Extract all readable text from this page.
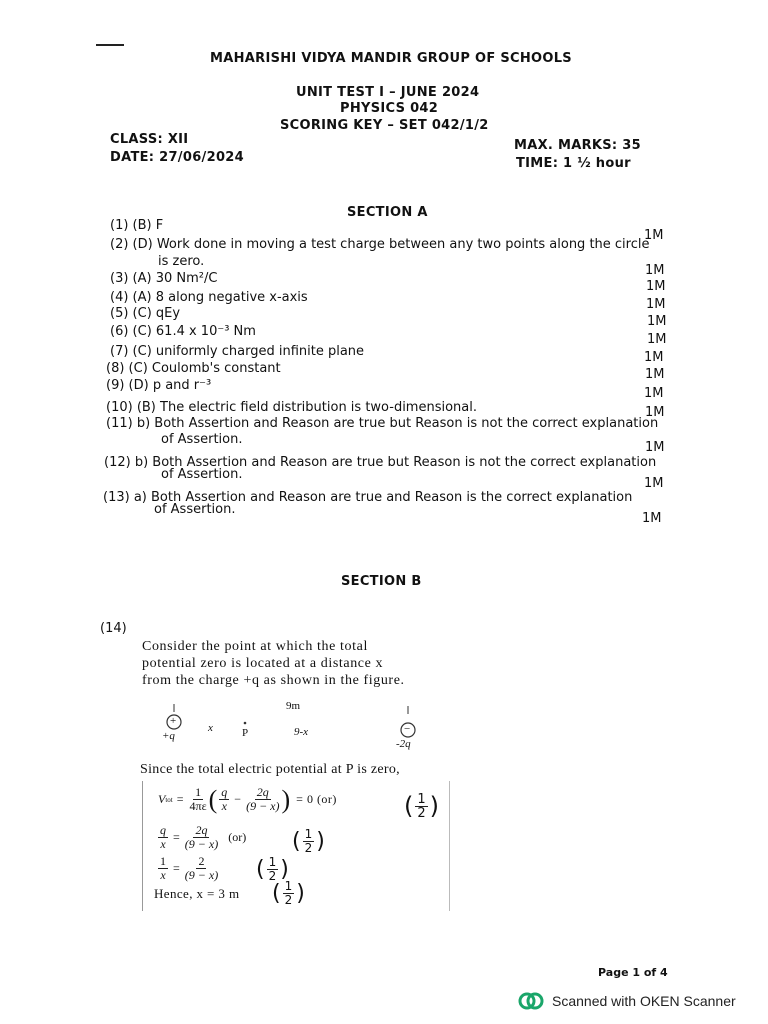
MAHARISHI VIDYA MANDIR GROUP OF SCHOOLS
UNIT TEST I – JUNE 2024
PHYSICS 042
SCORING KEY – SET 042/1/2
CLASS: XII
DATE: 27/06/2024
MAX. MARKS: 35
TIME: 1 ½ hour
SECTION A
(1) (B) F
1M
(2) (D) Work done in moving a test charge between any two points along the circle
is zero.
1M
(3) (A) 30 Nm²/C
1M
(4) (A) 8 along negative x-axis	1M
(5) (C) qEy
1M
(6) (C) 61.4 x 10⁻³ Nm
1M
(7) (C) uniformly charged infinite plane	1M
(8) (C) Coulomb's constant	1M
(9) (D) p and r⁻³
1M
(10) (B) The electric field distribution is two-dimensional.	1M
(11) b) Both Assertion and Reason are true but Reason is not the correct explanation
of Assertion.
1M
(12) b) Both Assertion and Reason are true but Reason is not the correct explanation
of Assertion.
1M
(13) a) Both Assertion and Reason are true and Reason is the correct explanation
of Assertion.
1M
SECTION B
(14)
Consider the point at which the total
potential zero is located at a distance x
from the charge +q as shown in the figure.
9m
+
−
+q
x	P	9-x
-2q
Since the total electric potential at P is zero,
V tot = $\frac{1}{4\pi\varepsilon}$ ( $\frac{q}{x} - \frac{2q}{(9 - x)}$ ) = 0 (or)	( $\frac{1}{2}$ )
$\frac{q}{x} = \frac{2q}{(9 - x)} (or)$ ( $\frac{1}{2}$ )
$\frac{1}{x} = \frac{2}{(9 - x)}$ ( $\frac{1}{2}$ )
Hence, x = 3 m ( $\frac{1}{2}$ )
Page 1 of 4
Scanned with OKEN Scanner
